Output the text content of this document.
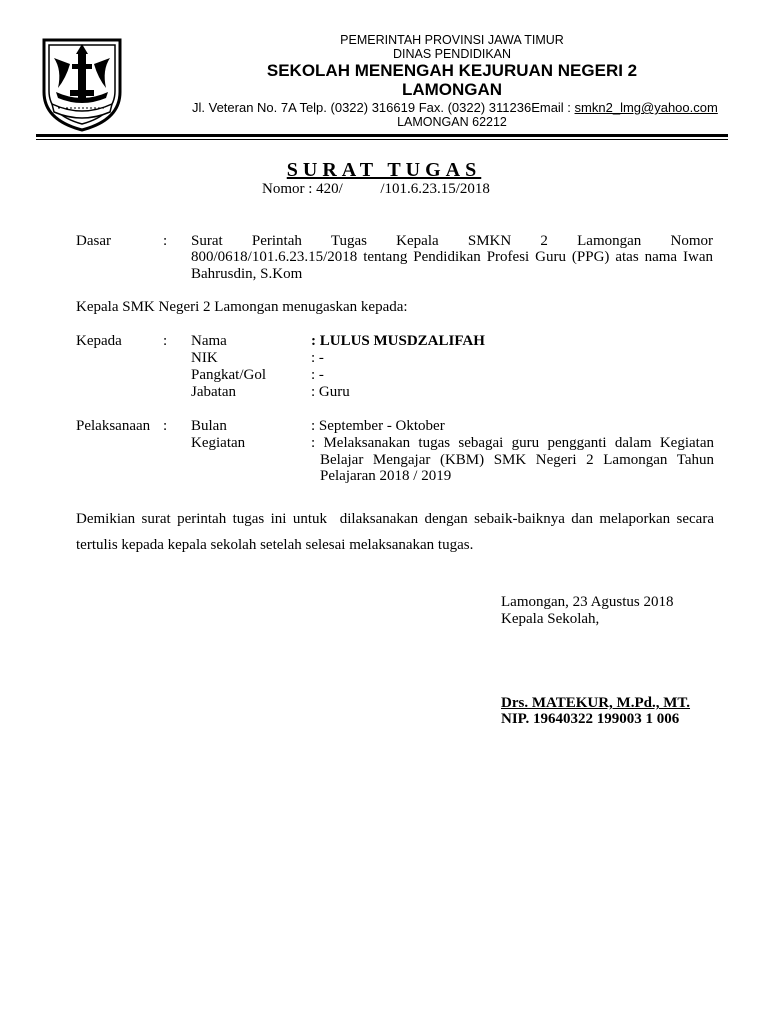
PEMERINTAH PROVINSI JAWA TIMUR
DINAS PENDIDIKAN
SEKOLAH MENENGAH KEJURUAN NEGERI 2
LAMONGAN
Jl. Veteran No. 7A Telp. (0322) 316619 Fax. (0322) 311236Email : smkn2_lmg@yahoo.com
LAMONGAN 62212
SURAT TUGAS
Nomor : 420/          /101.6.23.15/2018
Dasar	: Surat Perintah Tugas Kepala SMKN 2 Lamongan Nomor
800/0618/101.6.23.15/2018 tentang Pendidikan Profesi Guru (PPG) atas nama Iwan
Bahrusdin, S.Kom
Kepala SMK Negeri 2 Lamongan menugaskan kepada:
Kepada	: Nama	: LULUS MUSDZALIFAH
NIK	: -
Pangkat/Gol	: -
Jabatan	: Guru
Pelaksanaan : Bulan	: September - Oktober
Kegiatan	: Melaksanakan tugas sebagai guru pengganti dalam Kegiatan
Belajar Mengajar (KBM) SMK Negeri 2 Lamongan Tahun
Pelajaran 2018 / 2019
Demikian surat perintah tugas ini untuk  dilaksanakan dengan sebaik-baiknya dan melaporkan secara
tertulis kepada kepala sekolah setelah selesai melaksanakan tugas.
Lamongan, 23 Agustus 2018
Kepala Sekolah,
Drs. MATEKUR, M.Pd., MT.
NIP. 19640322 199003 1 006
